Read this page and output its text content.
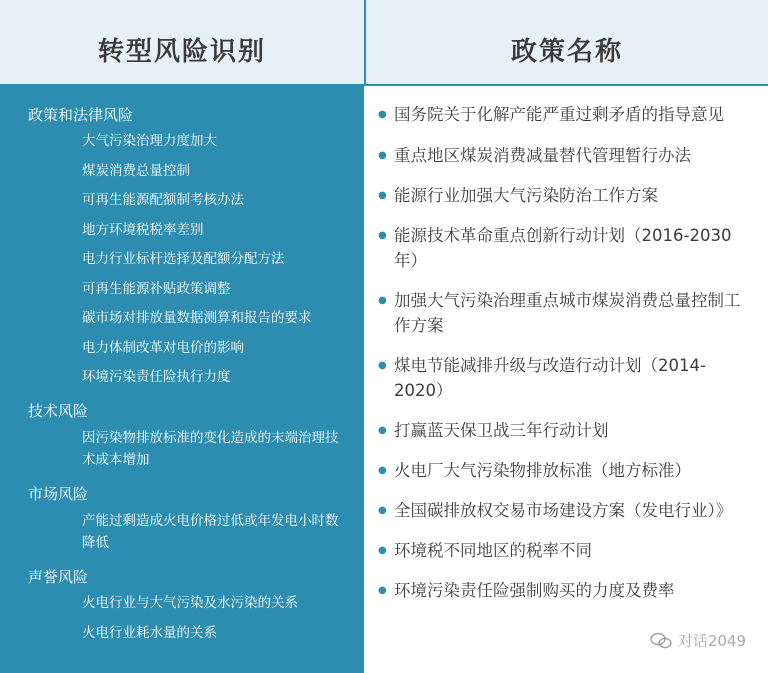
转型风险识别	政策名称
政策和法律风险
大气污染治理力度加大
煤炭消费总量控制
可再生能源配额制考核办法
地方环境税税率差别
电力行业标杆选择及配额分配方法
可再生能源补贴政策调整
碳市场对排放量数据测算和报告的要求
电力体制改革对电价的影响
环境污染责任险执行力度
技术风险
因污染物排放标准的变化造成的末端治理技术成本增加
市场风险
产能过剩造成火电价格过低或年发电小时数降低
声誉风险
火电行业与大气污染及水污染的关系
火电行业耗水量的关系
● 国务院关于化解产能严重过剩矛盾的指导意见
● 重点地区煤炭消费减量替代管理暂行办法
● 能源行业加强大气污染防治工作方案
● 能源技术革命重点创新行动计划（2016-2030年）
● 加强大气污染治理重点城市煤炭消费总量控制工作方案
● 煤电节能减排升级与改造行动计划（2014-2020）
● 打赢蓝天保卫战三年行动计划
● 火电厂大气污染物排放标准（地方标准）
● 全国碳排放权交易市场建设方案（发电行业）》
● 环境税不同地区的税率不同
● 环境污染责任险强制购买的力度及费率
对话2049
